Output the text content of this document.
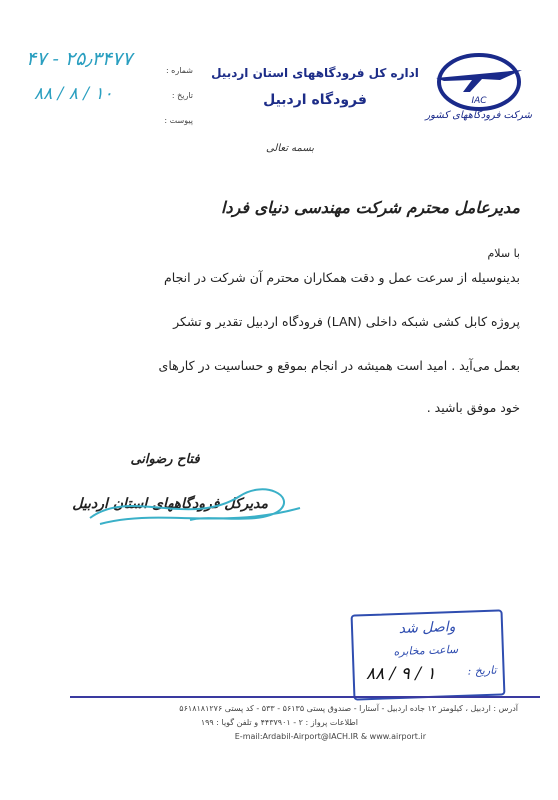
IAC
شرکت فرودگاههای کشور
اداره کل فرودگاههای استان اردبیل
فرودگاه اردبیل
شماره :
۴۷ - ۲۵٫۳۴۷۷
تاریخ :
۸۸ / ۸ / ۱۰
پیوست :
بسمه تعالی
مدیرعامل محترم شرکت مهندسی دنیای فردا
با سلام
بدینوسیله از سرعت عمل و دقت همکاران محترم آن شرکت در انجام
پروژه کابل کشی شبکه داخلی (LAN) فرودگاه اردبیل تقدیر و تشکر
بعمل می‌آید . امید است همیشه در انجام بموقع و حساسیت در کارهای
خود موفق باشید .
فتاح رضوانی
مدیرکل فرودگاههای استان اردبیل
واصل شد
ساعت مخابره
تاریخ :
۸۸ / ۹ / ۱
آدرس : اردبیل ، کیلومتر ۱۲ جاده اردبیل - آستارا - صندوق پستی ۵۶۱۳۵ - ۵۳۳ - کد پستی ۵۶۱۸۱۸۱۲۷۶
اطلاعات پرواز : ۲ - ۴۴۳۷۹۰۱ و تلفن گویا : ۱۹۹
E-mail:Ardabil-Airport@IACH.IR & www.airport.ir
